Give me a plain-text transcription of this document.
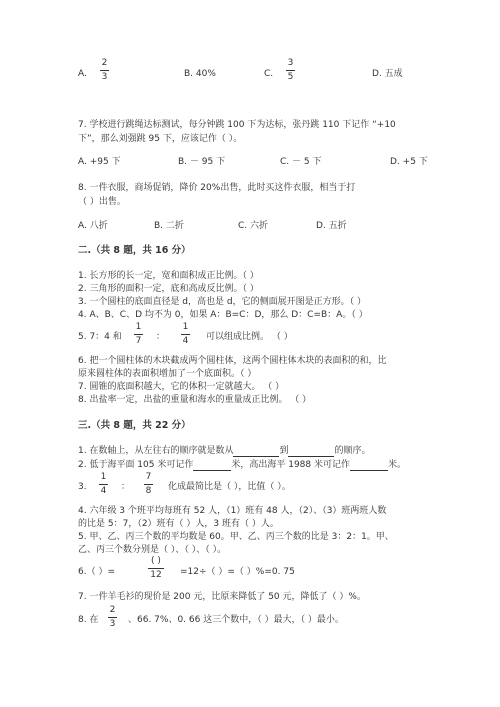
A.
2
3	B. 40%	C.
3
5	D. 五成
7. 学校进行跳绳达标测试，每分钟跳 100 下为达标，张丹跳 110 下记作 “+10
下”，那么刘强跳 95 下，应该记作（ ）。
A. +95 下	B. － 95 下	C. － 5 下	D. +5 下
8. 一件衣服，商场促销，降价 20%出售，此时买这件衣服，相当于打
（ ）出售。
A. 八折	B. 二折	C. 六折	D. 五折
二.（共 8 题，共 16 分）
1. 长方形的长一定，宽和面积成正比例。（ ）
2. 三角形的面积一定，底和高成反比例。（ ）
3. 一个圆柱的底面直径是 d，高也是 d，它的侧面展开图是正方形。（ ）
4. A、B、C、D 均不为 0，如果 A：B=C：D，那么 D：C=B：A。（ ）
5. 7：4 和
1
7 ：
1
4 可以组成比例。 （ ）
6. 把一个圆柱体的木块截成两个圆柱体，这两个圆柱体木块的表面积的和，比
原来圆柱体的表面积增加了一个底面积。（ ）
7. 圆锥的底面积越大，它的体积一定就越大。 （ ）
8. 出盐率一定，出盐的重量和海水的重量成正比例。 （ ）
三.（共 8 题，共 22 分）
1. 在数轴上，从左往右的顺序就是数从	到	的顺序。
2. 低于海平面 105 米可记作	米，高出海平 1988 米可记作	米。
3.
1
4 ：
7
8 化成最简比是（ ），比值（ ）。
4. 六年级 3 个班平均每班有 52 人，（1）班有 48 人，（2）、（3）班两班人数
的比是 5：7，（2）班有（ ）人，3 班有（ ）人。
5. 甲、乙、丙三个数的平均数是 60。甲、乙、丙三个数的比是 3：2：1。甲、
乙、丙三个数分别是（ ）、（ ）、（ ）。
6.（ ）=
( )
12 =12÷（ ）=（ ）%=0. 75
7. 一件羊毛衫的现价是 200 元，比原来降低了 50 元，降低了（ ）%。
8. 在
2
3 、66. 7%、0. 66 这三个数中，（ ）最大，（ ）最小。
